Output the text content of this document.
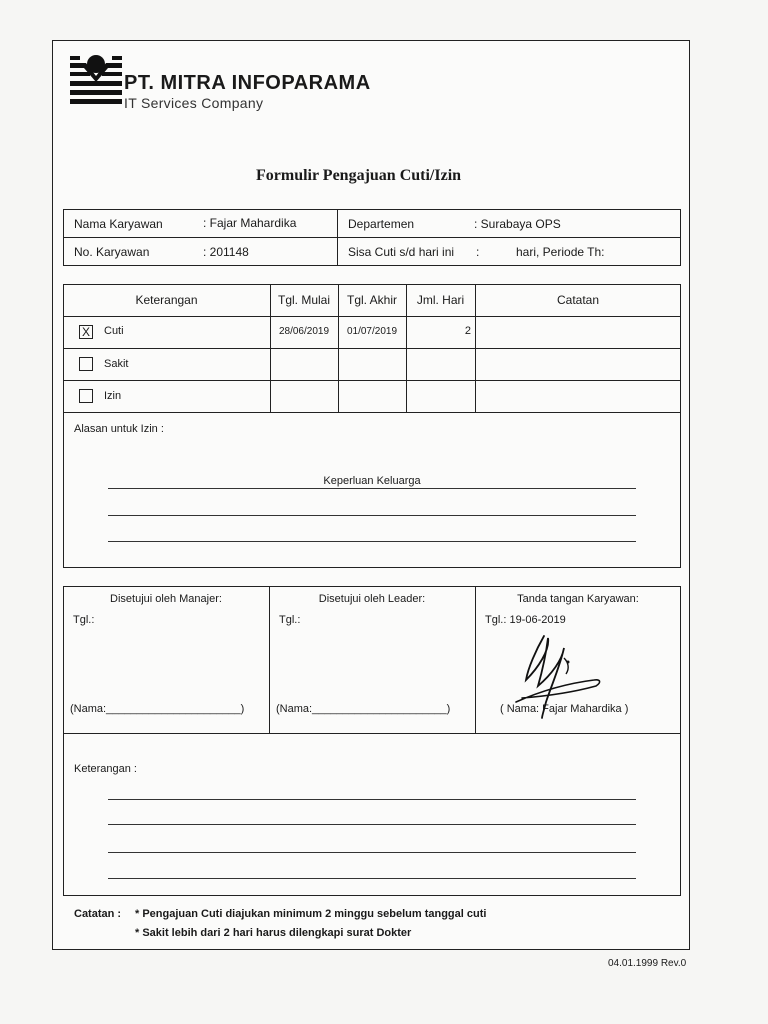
PT. MITRA INFOPARAMA
IT Services Company
Formulir Pengajuan Cuti/Izin
Nama Karyawan	: Fajar Mahardika	Departemen	: Surabaya OPS
No. Karyawan	: 201148	Sisa Cuti s/d hari ini :	hari, Periode Th:
Keterangan	Tgl. Mulai	Tgl. Akhir	Jml. Hari	Catatan
X Cuti	28/06/2019	01/07/2019	2
Sakit
Izin
Alasan untuk Izin :
Keperluan Keluarga
Disetujui oleh Manajer:
Tgl.:
(Nama:______________________)
Disetujui oleh Leader:
Tgl.:
(Nama:______________________)
Tanda tangan Karyawan:
Tgl.: 19-06-2019
( Nama: Fajar Mahardika )
Keterangan :
Catatan : * Pengajuan Cuti diajukan minimum 2 minggu sebelum tanggal cuti
* Sakit lebih dari 2 hari harus dilengkapi surat Dokter
04.01.1999 Rev.0
